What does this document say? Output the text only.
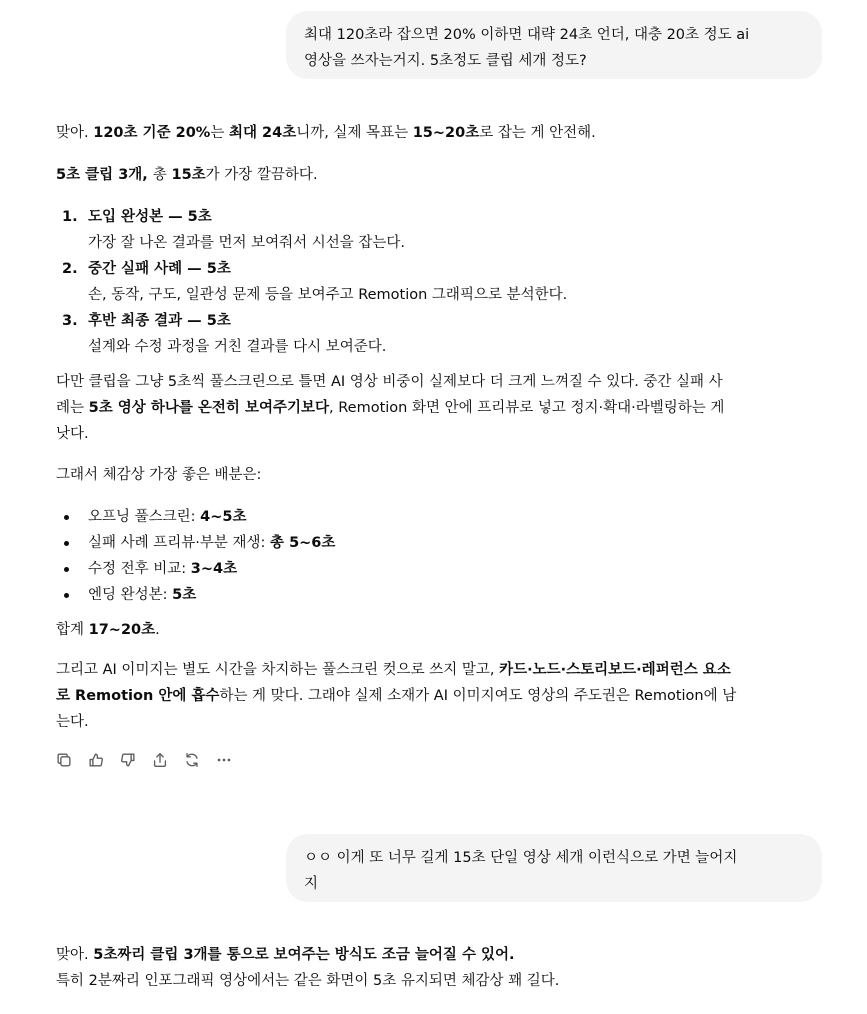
최대 120초라 잡으면 20% 이하면 대략 24초 언더, 대충 20초 정도 ai
영상을 쓰자는거지. 5초정도 클립 세개 정도?

맞아. 120초 기준 20%는 최대 24초니까, 실제 목표는 15~20초로 잡는 게 안전해.

5초 클립 3개, 총 15초가 가장 깔끔하다.

1. 도입 완성본 — 5초
가장 잘 나온 결과를 먼저 보여줘서 시선을 잡는다.
2. 중간 실패 사례 — 5초
손, 동작, 구도, 일관성 문제 등을 보여주고 Remotion 그래픽으로 분석한다.
3. 후반 최종 결과 — 5초
설계와 수정 과정을 거친 결과를 다시 보여준다.
다만 클립을 그냥 5초씩 풀스크린으로 틀면 AI 영상 비중이 실제보다 더 크게 느껴질 수 있다. 중간 실패 사
례는 5초 영상 하나를 온전히 보여주기보다, Remotion 화면 안에 프리뷰로 넣고 정지·확대·라벨링하는 게
낫다.

그래서 체감상 가장 좋은 배분은:

오프닝 풀스크린: 4~5초
실패 사례 프리뷰·부분 재생: 총 5~6초
수정 전후 비교: 3~4초
엔딩 완성본: 5초

합계 17~20초.

그리고 AI 이미지는 별도 시간을 차지하는 풀스크린 컷으로 쓰지 말고, 카드·노드·스토리보드·레퍼런스 요소
로 Remotion 안에 흡수하는 게 맞다. 그래야 실제 소재가 AI 이미지여도 영상의 주도권은 Remotion에 남
는다.
ㅇㅇ 이게 또 너무 길게 15초 단일 영상 세개 이런식으로 가면 늘어지
지
맞아. 5초짜리 클립 3개를 통으로 보여주는 방식도 조금 늘어질 수 있어.
특히 2분짜리 인포그래픽 영상에서는 같은 화면이 5초 유지되면 체감상 꽤 길다.
